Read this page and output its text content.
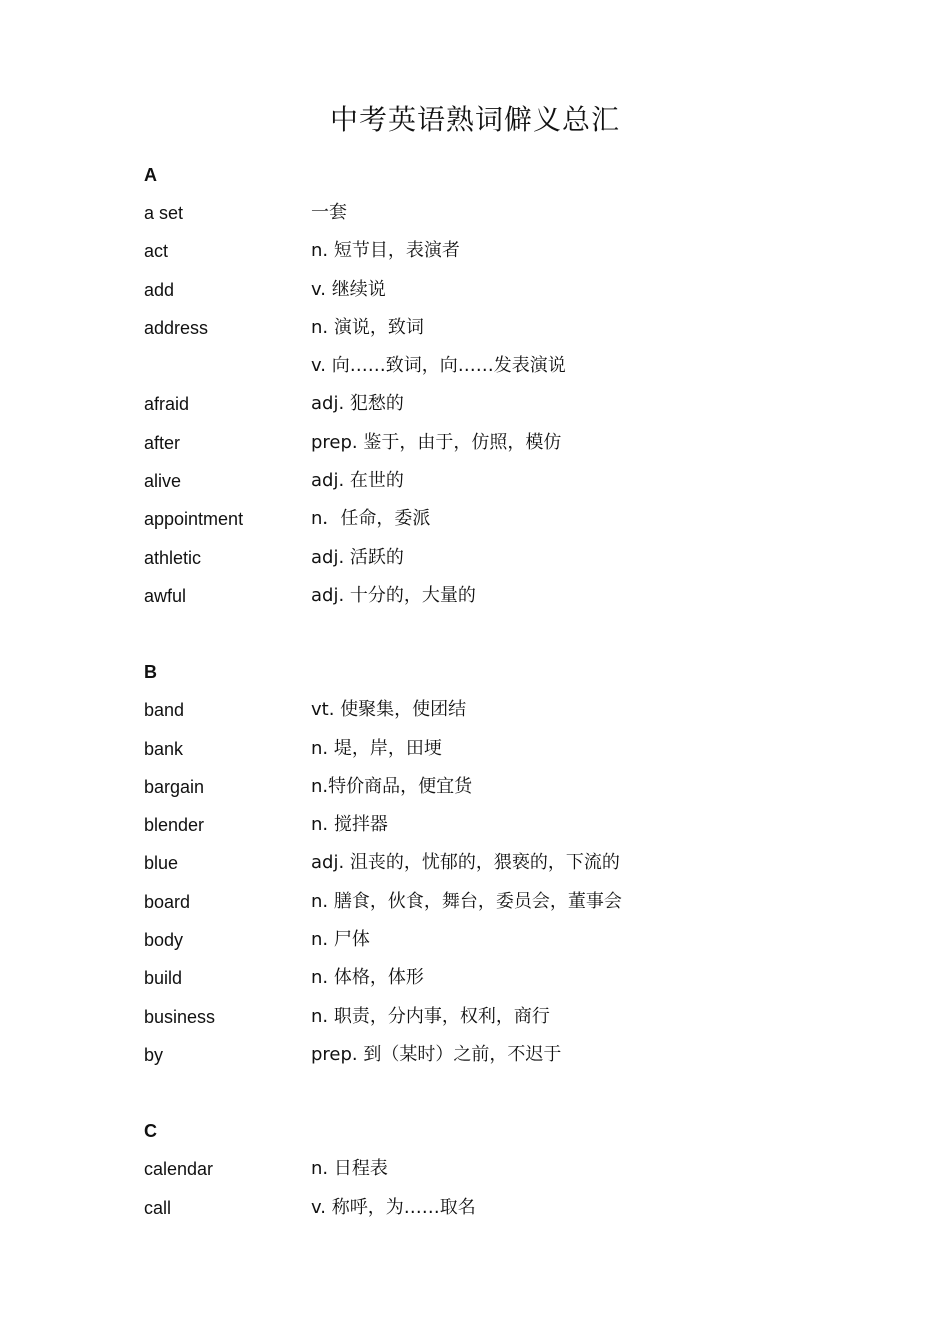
中考英语熟词僻义总汇
A
a set	一套
act	n. 短节目，表演者
add	v. 继续说
address	n. 演说，致词
v. 向……致词，向……发表演说
afraid	adj. 犯愁的
after	prep. 鉴于，由于，仿照，模仿
alive	adj. 在世的
appointment	n．任命，委派
athletic	adj. 活跃的
awful	adj. 十分的，大量的
B
band	vt. 使聚集，使团结
bank	n. 堤，岸，田埂
bargain	n.特价商品，便宜货
blender	n. 搅拌器
blue	adj. 沮丧的，忧郁的，猥亵的，下流的
board	n. 膳食，伙食，舞台，委员会，董事会
body	n. 尸体
build	n. 体格，体形
business	n. 职责，分内事，权利，商行
by	prep. 到（某时）之前，不迟于
C
calendar	n. 日程表
call	v. 称呼，为……取名
